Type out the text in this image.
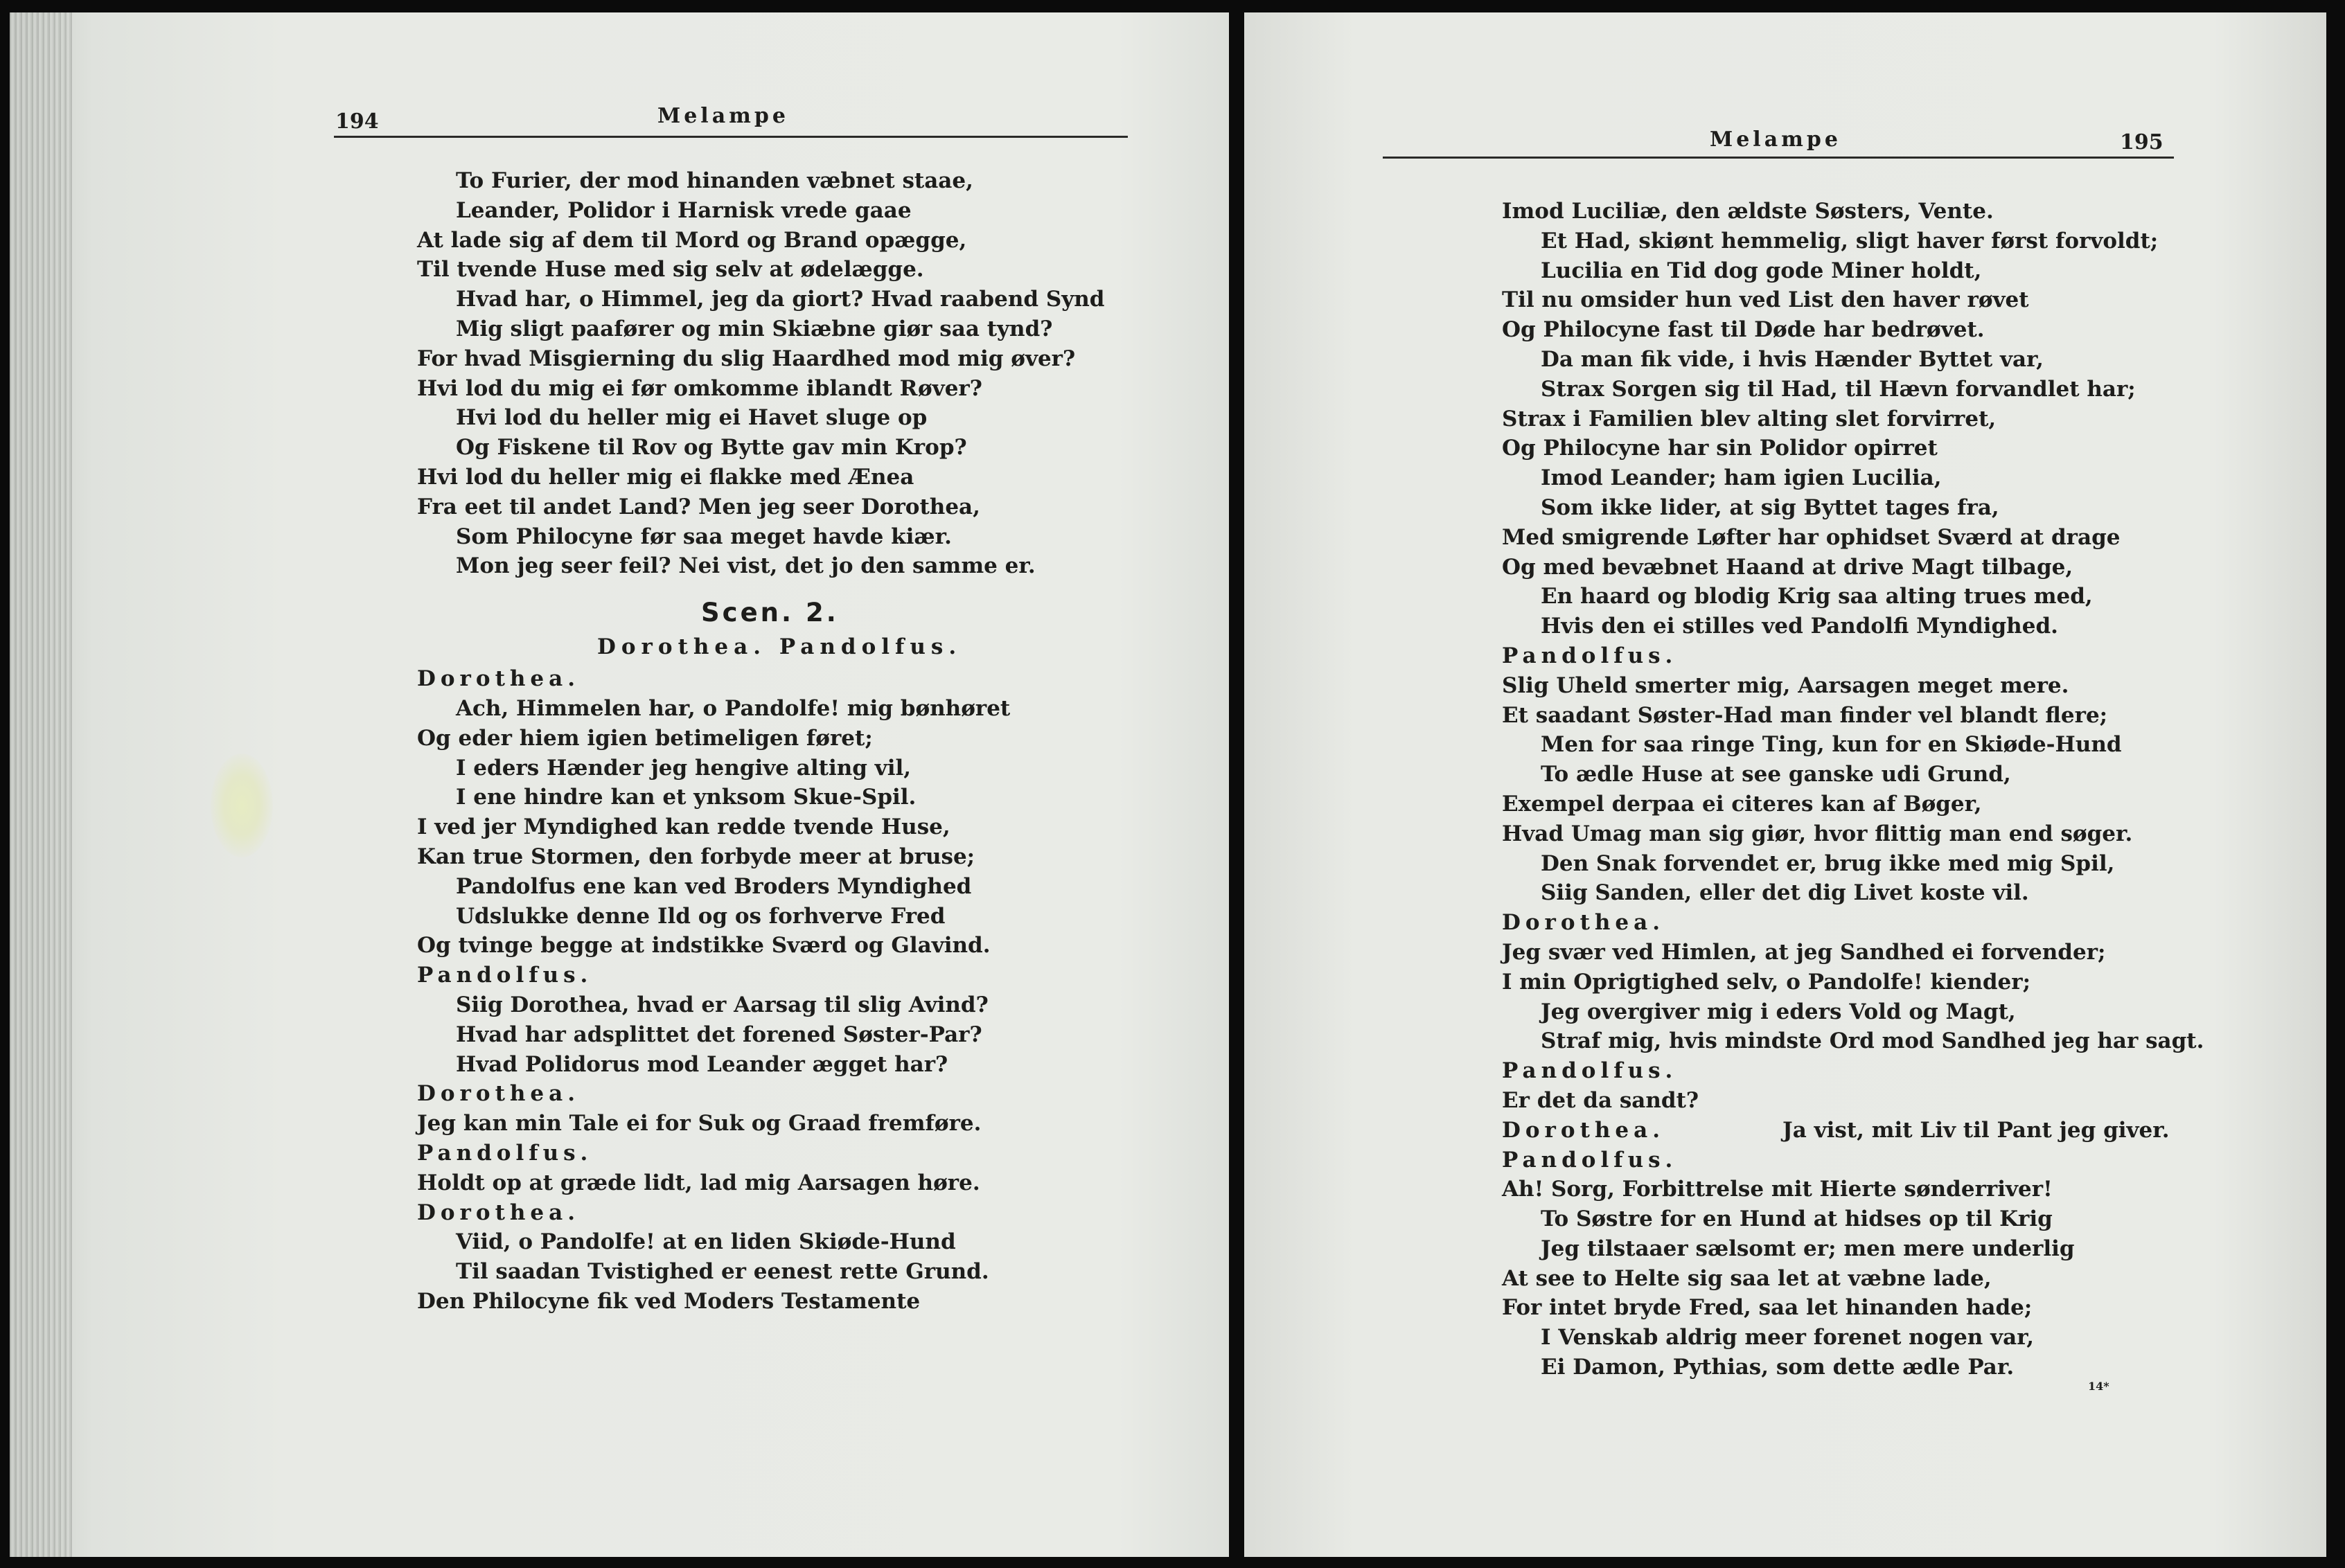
194	Melampe
To Furier, der mod hinanden væbnet staae,
Leander, Polidor i Harnisk vrede gaae
At lade sig af dem til Mord og Brand opægge,
Til tvende Huse med sig selv at ødelægge.
Hvad har, o Himmel, jeg da giort? Hvad raabend Synd
Mig sligt paafører og min Skiæbne giør saa tynd?
For hvad Misgierning du slig Haardhed mod mig øver?
Hvi lod du mig ei før omkomme iblandt Røver?
Hvi lod du heller mig ei Havet sluge op
Og Fiskene til Rov og Bytte gav min Krop?
Hvi lod du heller mig ei flakke med Ænea
Fra eet til andet Land? Men jeg seer Dorothea,
Som Philocyne før saa meget havde kiær.
Mon jeg seer feil? Nei vist, det jo den samme er.
Scen. 2.
Dorothea. Pandolfus.
Dorothea.
Ach, Himmelen har, o Pandolfe! mig bønhøret
Og eder hiem igien betimeligen føret;
I eders Hænder jeg hengive alting vil,
I ene hindre kan et ynksom Skue-Spil.
I ved jer Myndighed kan redde tvende Huse,
Kan true Stormen, den forbyde meer at bruse;
Pandolfus ene kan ved Broders Myndighed
Udslukke denne Ild og os forhverve Fred
Og tvinge begge at indstikke Sværd og Glavind.
Pandolfus.
Siig Dorothea, hvad er Aarsag til slig Avind?
Hvad har adsplittet det forened Søster-Par?
Hvad Polidorus mod Leander ægget har?
Dorothea.
Jeg kan min Tale ei for Suk og Graad fremføre.
Pandolfus.
Holdt op at græde lidt, lad mig Aarsagen høre.
Dorothea.
Viid, o Pandolfe! at en liden Skiøde-Hund
Til saadan Tvistighed er eenest rette Grund.
Den Philocyne fik ved Moders Testamente
Melampe	195
Imod Luciliæ, den ældste Søsters, Vente.
Et Had, skiønt hemmelig, sligt haver først forvoldt;
Lucilia en Tid dog gode Miner holdt,
Til nu omsider hun ved List den haver røvet
Og Philocyne fast til Døde har bedrøvet.
Da man fik vide, i hvis Hænder Byttet var,
Strax Sorgen sig til Had, til Hævn forvandlet har;
Strax i Familien blev alting slet forvirret,
Og Philocyne har sin Polidor opirret
Imod Leander; ham igien Lucilia,
Som ikke lider, at sig Byttet tages fra,
Med smigrende Løfter har ophidset Sværd at drage
Og med bevæbnet Haand at drive Magt tilbage,
En haard og blodig Krig saa alting trues med,
Hvis den ei stilles ved Pandolfi Myndighed.
Pandolfus.
Slig Uheld smerter mig, Aarsagen meget mere.
Et saadant Søster-Had man finder vel blandt flere;
Men for saa ringe Ting, kun for en Skiøde-Hund
To ædle Huse at see ganske udi Grund,
Exempel derpaa ei citeres kan af Bøger,
Hvad Umag man sig giør, hvor flittig man end søger.
Den Snak forvendet er, brug ikke med mig Spil,
Siig Sanden, eller det dig Livet koste vil.
Dorothea.
Jeg svær ved Himlen, at jeg Sandhed ei forvender;
I min Oprigtighed selv, o Pandolfe! kiender;
Jeg overgiver mig i eders Vold og Magt,
Straf mig, hvis mindste Ord mod Sandhed jeg har sagt.
Pandolfus.
Er det da sandt?
Dorothea.	Ja vist, mit Liv til Pant jeg giver.
Pandolfus.
Ah! Sorg, Forbittrelse mit Hierte sønderriver!
To Søstre for en Hund at hidses op til Krig
Jeg tilstaaer sælsomt er; men mere underlig
At see to Helte sig saa let at væbne lade,
For intet bryde Fred, saa let hinanden hade;
I Venskab aldrig meer forenet nogen var,
Ei Damon, Pythias, som dette ædle Par.
14*
